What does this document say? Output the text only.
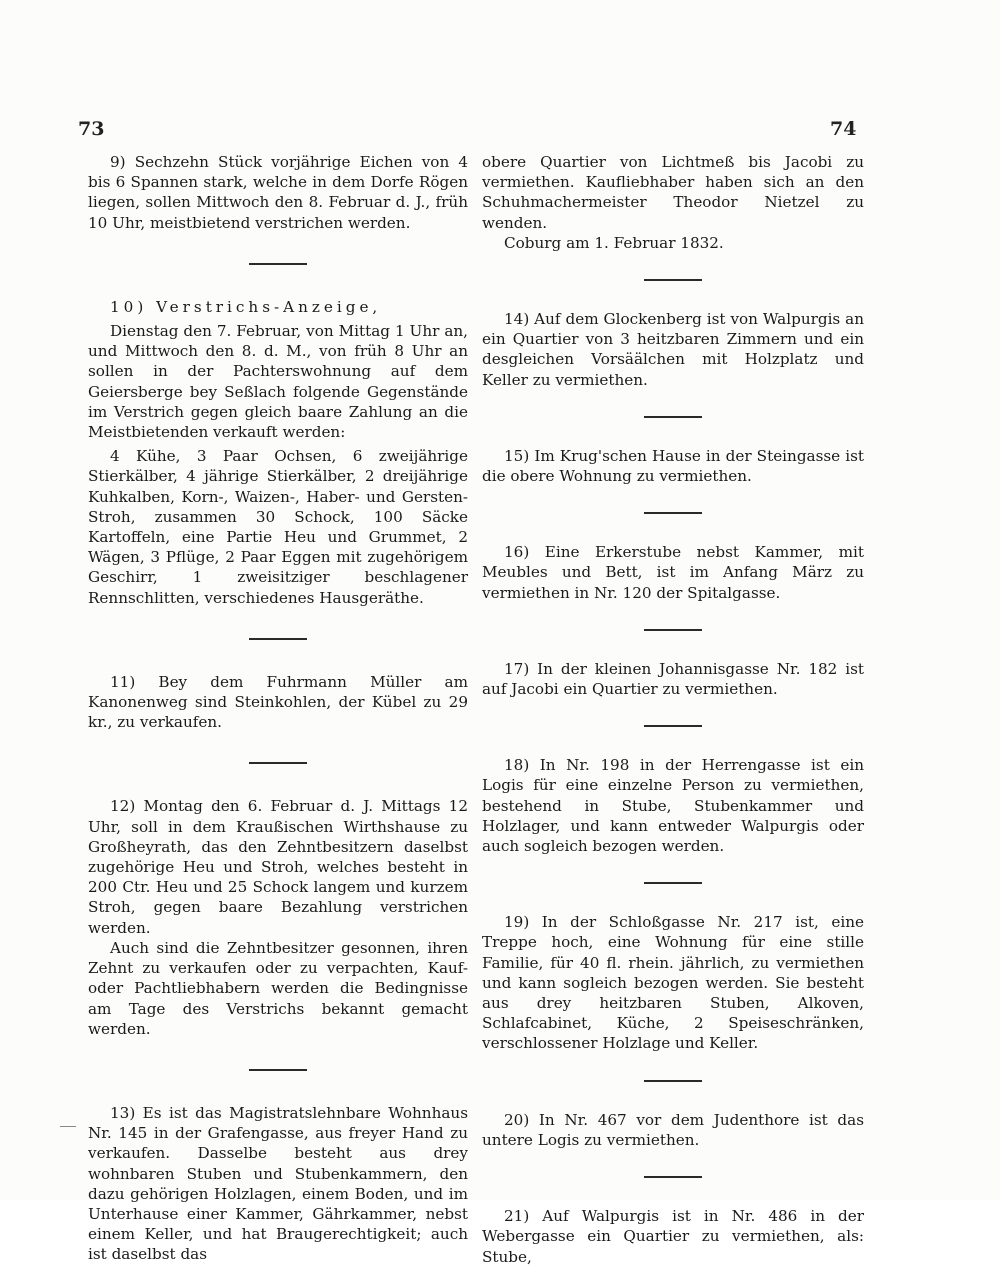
73	74

9) Sechzehn Stück vorjährige Eichen von 4 bis 6 Spannen stark, welche in dem Dorfe Rögen liegen, sollen Mittwoch den 8. Februar d. J., früh 10 Uhr, meistbietend verstrichen werden.

10) Verstrichs-Anzeige,

Dienstag den 7. Februar, von Mittag 1 Uhr an, und Mittwoch den 8. d. M., von früh 8 Uhr an sollen in der Pachterswohnung auf dem Geiersberge bey Seßlach folgende Gegenstände im Verstrich gegen gleich baare Zahlung an die Meistbietenden verkauft werden:

4 Kühe, 3 Paar Ochsen, 6 zweijährige Stierkälber, 4 jährige Stierkälber, 2 dreijährige Kuhkalben, Korn-, Waizen-, Haber- und Gersten-Stroh, zusammen 30 Schock, 100 Säcke Kartoffeln, eine Partie Heu und Grummet, 2 Wägen, 3 Pflüge, 2 Paar Eggen mit zugehörigem Geschirr, 1 zweisitziger beschlagener Rennschlitten, verschiedenes Hausgeräthe.

11) Bey dem Fuhrmann Müller am Kanonenweg sind Steinkohlen, der Kübel zu 29 kr., zu verkaufen.

12) Montag den 6. Februar d. J. Mittags 12 Uhr, soll in dem Kraußischen Wirthshause zu Großheyrath, das den Zehntbesitzern daselbst zugehörige Heu und Stroh, welches besteht in 200 Ctr. Heu und 25 Schock langem und kurzem Stroh, gegen baare Bezahlung verstrichen werden.

Auch sind die Zehntbesitzer gesonnen, ihren Zehnt zu verkaufen oder zu verpachten, Kauf- oder Pachtliebhabern werden die Bedingnisse am Tage des Verstrichs bekannt gemacht werden.

13) Es ist das Magistratslehnbare Wohnhaus Nr. 145 in der Grafengasse, aus freyer Hand zu verkaufen. Dasselbe besteht aus drey wohnbaren Stuben und Stubenkammern, den dazu gehörigen Holzlagen, einem Boden, und im Unterhause einer Kammer, Gährkammer, nebst einem Keller, und hat Braugerechtigkeit; auch ist daselbst das

obere Quartier von Lichtmeß bis Jacobi zu vermiethen. Kaufliebhaber haben sich an den Schuhmachermeister Theodor Nietzel zu wenden.

Coburg am 1. Februar 1832.

14) Auf dem Glockenberg ist von Walpurgis an ein Quartier von 3 heitzbaren Zimmern und ein desgleichen Vorsäälchen mit Holzplatz und Keller zu vermiethen.

15) Im Krug'schen Hause in der Steingasse ist die obere Wohnung zu vermiethen.

16) Eine Erkerstube nebst Kammer, mit Meubles und Bett, ist im Anfang März zu vermiethen in Nr. 120 der Spitalgasse.

17) In der kleinen Johannisgasse Nr. 182 ist auf Jacobi ein Quartier zu vermiethen.

18) In Nr. 198 in der Herrengasse ist ein Logis für eine einzelne Person zu vermiethen, bestehend in Stube, Stubenkammer und Holzlager, und kann entweder Walpurgis oder auch sogleich bezogen werden.

19) In der Schloßgasse Nr. 217 ist, eine Treppe hoch, eine Wohnung für eine stille Familie, für 40 fl. rhein. jährlich, zu vermiethen und kann sogleich bezogen werden. Sie besteht aus drey heitzbaren Stuben, Alkoven, Schlafcabinet, Küche, 2 Speiseschränken, verschlossener Holzlage und Keller.

20) In Nr. 467 vor dem Judenthore ist das untere Logis zu vermiethen.

21) Auf Walpurgis ist in Nr. 486 in der Webergasse ein Quartier zu vermiethen, als: Stube,
